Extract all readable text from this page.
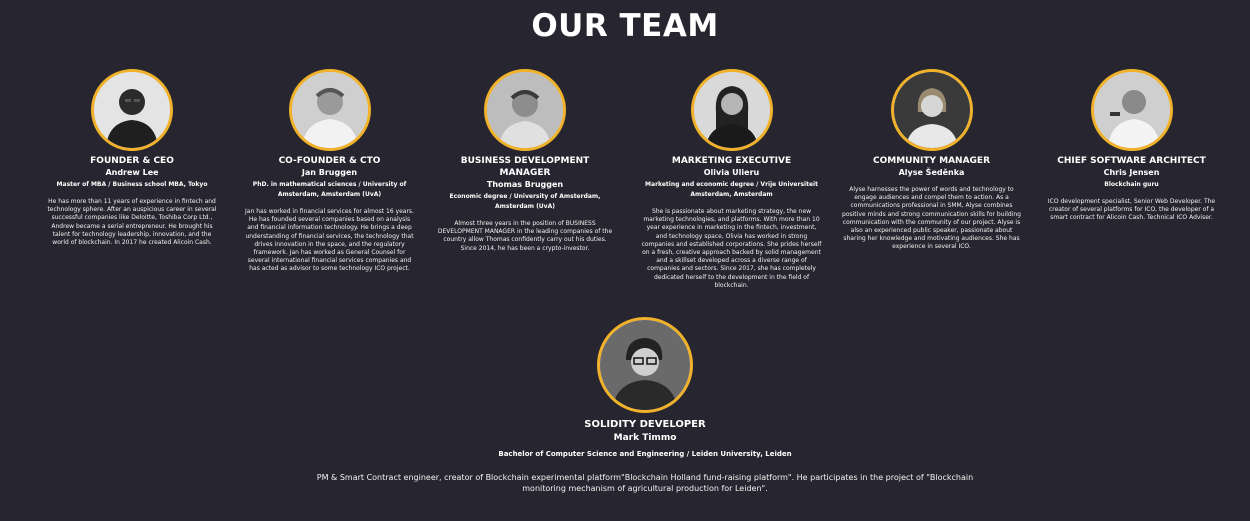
OUR TEAM
FOUNDER & CEO
Andrew Lee
Master of MBA / Business school MBA, Tokyo
He has more than 11 years of experience in fintech and technology sphere. After an auspicious career in several successful companies like Deloitte, Toshiba Corp Ltd., Andrew became a serial entrepreneur. He brought his talent for technology leadership, innovation, and the world of blockchain. In 2017 he created Alicoin Cash.
CO-FOUNDER & CTO
Jan Bruggen
PhD. in mathematical sciences / University of Amsterdam, Amsterdam (UvA)
Jan has worked in financial services for almost 16 years. He has founded several companies based on analysis and financial information technology. He brings a deep understanding of financial services, the technology that drives innovation in the space, and the regulatory framework. Jan has worked as General Counsel for several international financial services companies and has acted as advisor to some technology ICO project.
BUSINESS DEVELOPMENT MANAGER
Thomas Bruggen
Economic degree / University of Amsterdam, Amsterdam (UvA)
Almost three years in the position of BUSINESS DEVELOPMENT MANAGER in the leading companies of the country allow Thomas confidently carry out his duties. Since 2014, he has been a crypto-investor.
MARKETING EXECUTIVE
Olivia Ulieru
Marketing and economic degree / Vrije Universiteit Amsterdam, Amsterdam
She is passionate about marketing strategy, the new marketing technologies, and platforms. With more than 10 year experience in marketing in the fintech, investment, and technology space, Olivia has worked in strong companies and established corporations. She prides herself on a fresh, creative approach backed by solid management and a skillset developed across a diverse range of companies and sectors. Since 2017, she has completely dedicated herself to the development in the field of blockchain.
COMMUNITY MANAGER
Alyse Šeděnka
Alyse harnesses the power of words and technology to engage audiences and compel them to action. As a communications professional in SMM, Alyse combines positive minds and strong communication skills for building communication with the community of our project. Alyse is also an experienced public speaker, passionate about sharing her knowledge and motivating audiences. She has experience in several ICO.
CHIEF SOFTWARE ARCHITECT
Chris Jensen
Blockchain guru
ICO development specialist, Senior Web Developer. The creator of several platforms for ICO, the developer of a smart contract for Alicoin Cash. Technical ICO Adviser.
SOLIDITY DEVELOPER
Mark Timmo
Bachelor of Computer Science and Engineering / Leiden University, Leiden
PM & Smart Contract engineer, creator of Blockchain experimental platform"Blockchain Holland fund-raising platform". He participates in the project of "Blockchain monitoring mechanism of agricultural production for Leiden".
